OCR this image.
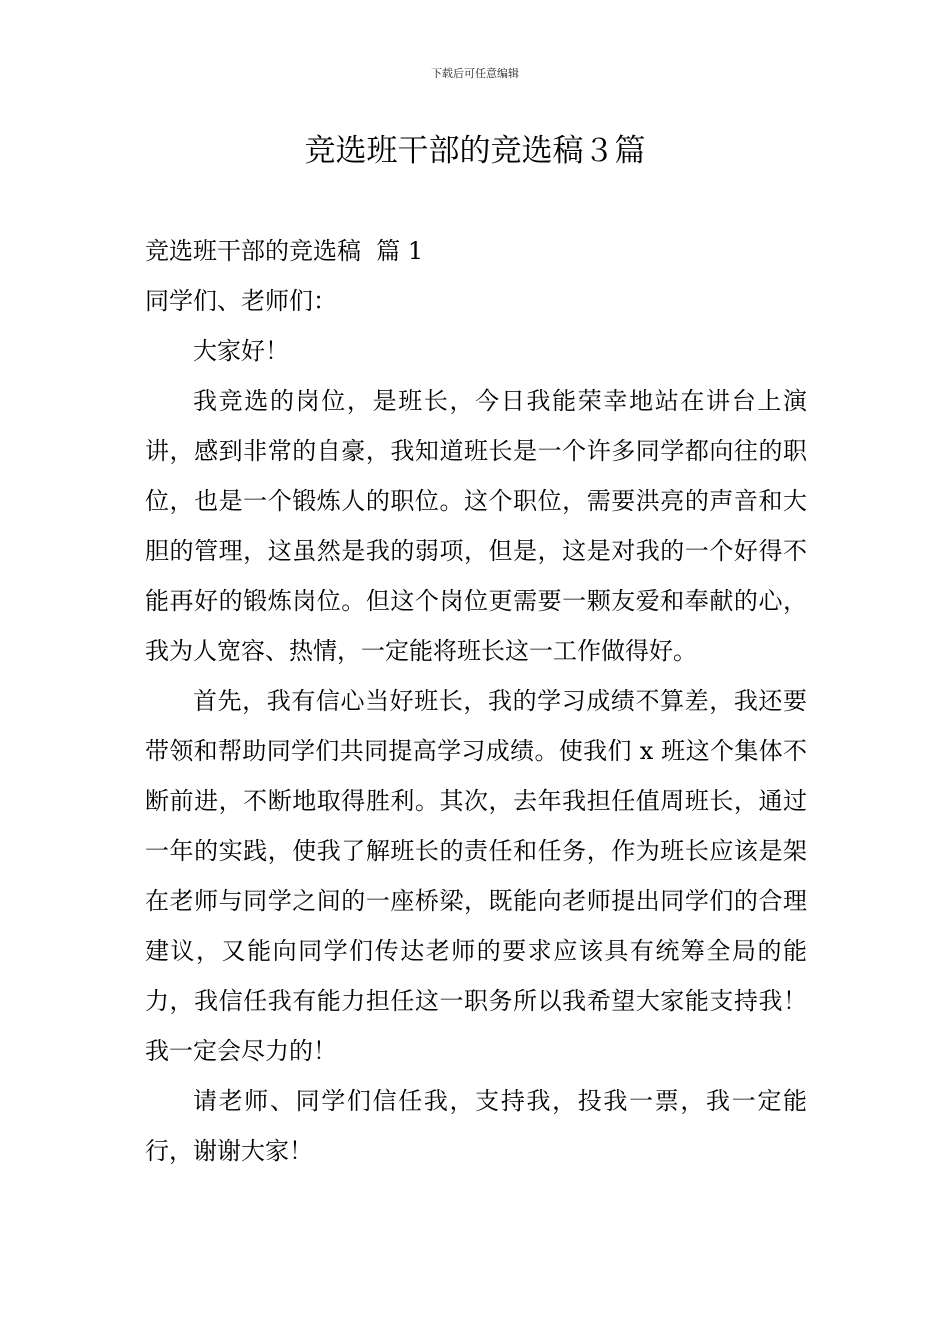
下载后可任意编辑
竞选班干部的竞选稿３篇

竞选班干部的竞选稿  篇 1

同学们、老师们：

大家好！

我竞选的岗位，是班长，今日我能荣幸地站在讲台上演讲，感到非常的自豪，我知道班长是一个许多同学都向往的职位，也是一个锻炼人的职位。这个职位，需要洪亮的声音和大胆的管理，这虽然是我的弱项，但是，这是对我的一个好得不能再好的锻炼岗位。但这个岗位更需要一颗友爱和奉献的心，我为人宽容、热情，一定能将班长这一工作做得好。

首先，我有信心当好班长，我的学习成绩不算差，我还要带领和帮助同学们共同提高学习成绩。使我们 x 班这个集体不断前进，不断地取得胜利。其次，去年我担任值周班长，通过一年的实践，使我了解班长的责任和任务，作为班长应该是架在老师与同学之间的一座桥梁，既能向老师提出同学们的合理建议，又能向同学们传达老师的要求应该具有统筹全局的能力，我信任我有能力担任这一职务所以我希望大家能支持我！我一定会尽力的！

请老师、同学们信任我，支持我，投我一票，我一定能行，谢谢大家！
